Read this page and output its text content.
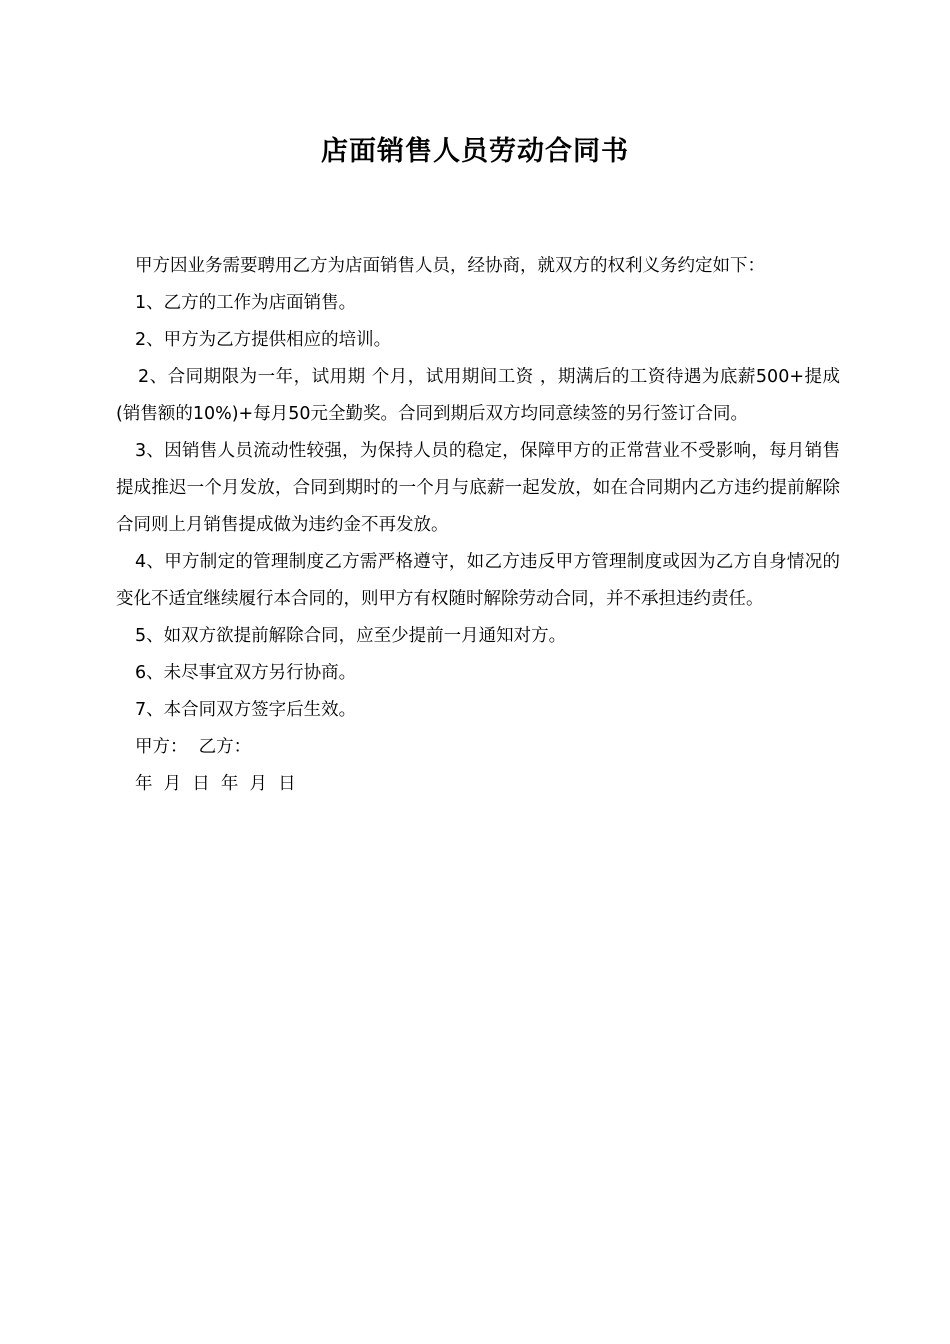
店面销售人员劳动合同书

甲方因业务需要聘用乙方为店面销售人员，经协商，就双方的权利义务约定如下：

1、乙方的工作为店面销售。

2、甲方为乙方提供相应的培训。

2、合同期限为一年，试用期 个月，试用期间工资 ，期满后的工资待遇为底薪500+提成(销售额的10%)+每月50元全勤奖。合同到期后双方均同意续签的另行签订合同。

3、因销售人员流动性较强，为保持人员的稳定，保障甲方的正常营业不受影响，每月销售提成推迟一个月发放，合同到期时的一个月与底薪一起发放，如在合同期内乙方违约提前解除合同则上月销售提成做为违约金不再发放。

4、甲方制定的管理制度乙方需严格遵守，如乙方违反甲方管理制度或因为乙方自身情况的变化不适宜继续履行本合同的，则甲方有权随时解除劳动合同，并不承担违约责任。

5、如双方欲提前解除合同，应至少提前一月通知对方。

6、未尽事宜双方另行协商。

7、本合同双方签字后生效。

甲方：  乙方：

年  月  日  年  月  日
